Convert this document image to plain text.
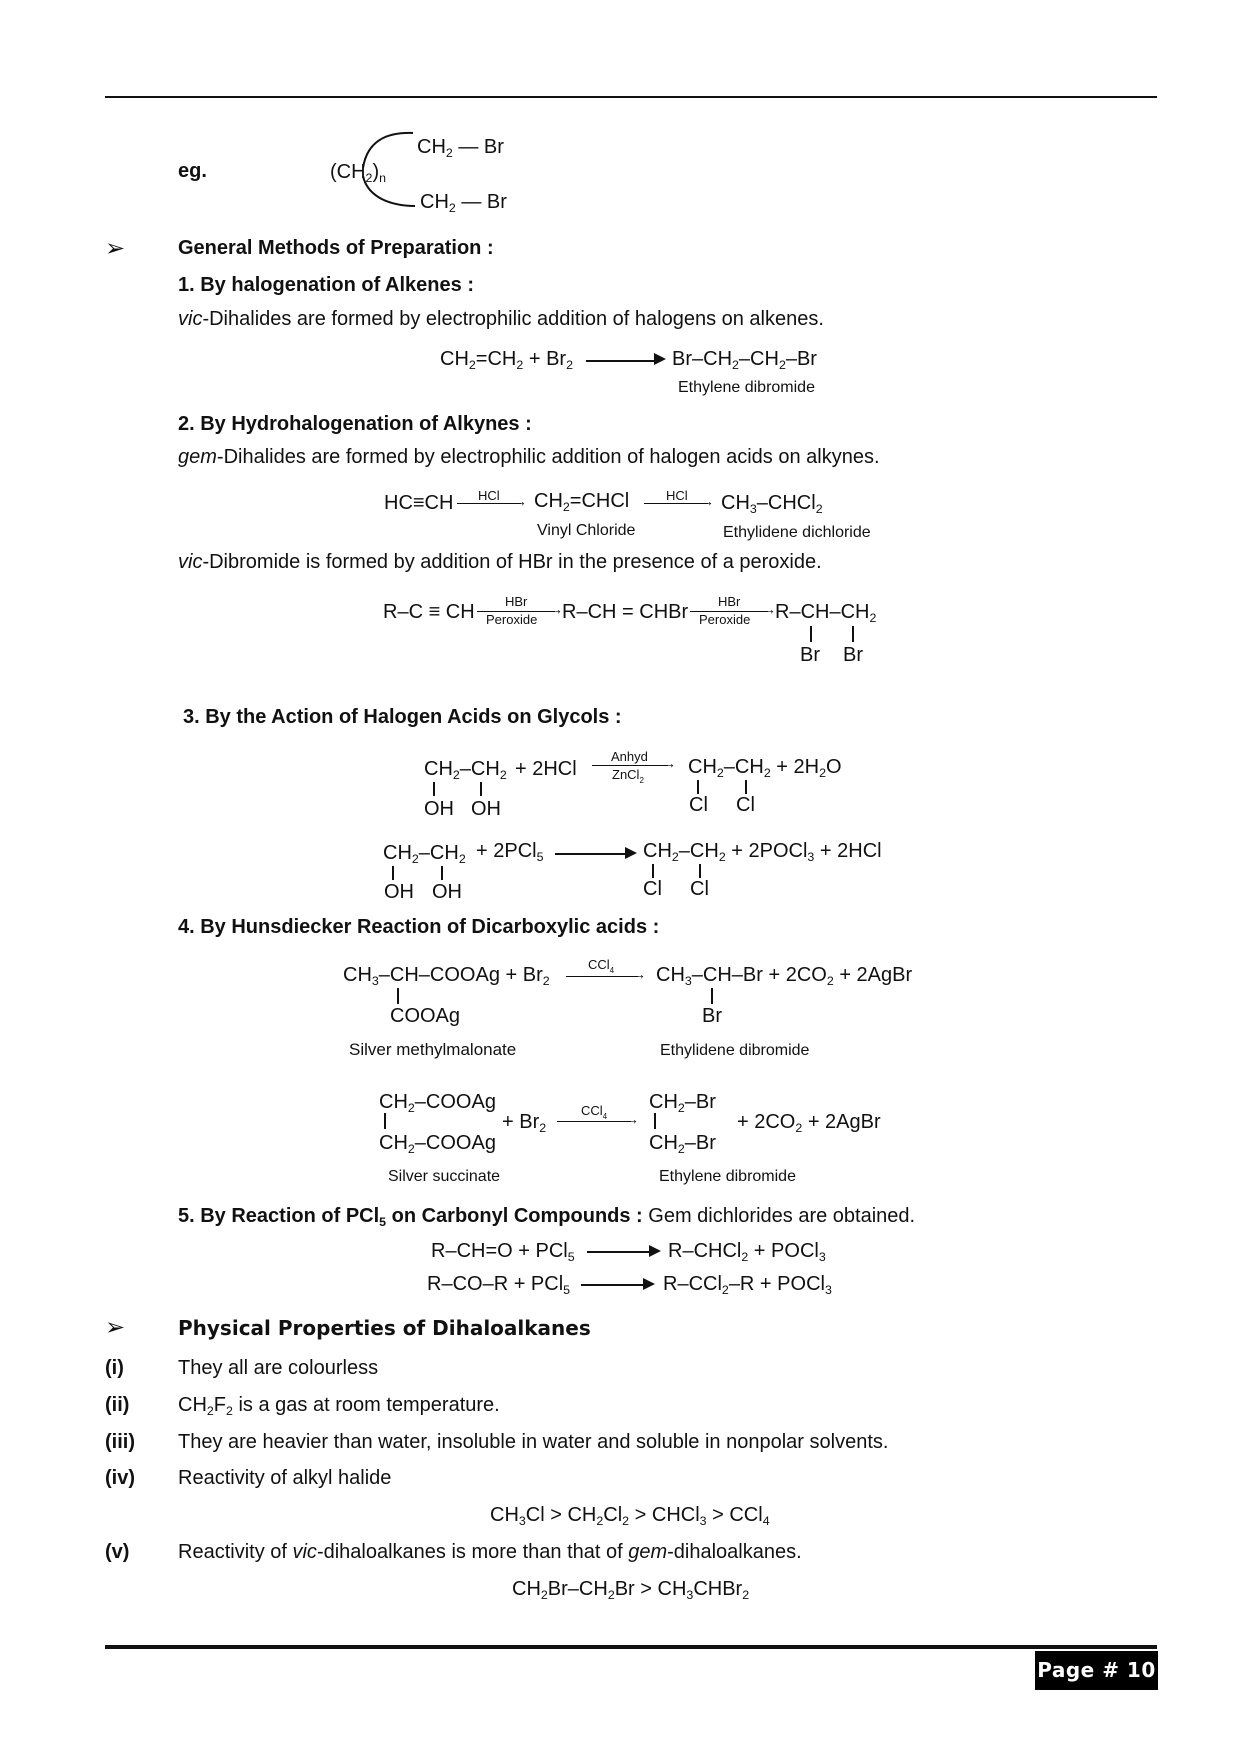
eg.	$(CH_2)_n$
$CH_2$ — Br
$CH_2$ — Br
➢	General Methods of Preparation :
1. By halogenation of Alkenes :
vic-Dihalides are formed by electrophilic addition of halogens on alkenes.
$CH_2=CH_2 + Br_2$	$Br-CH_2-CH_2-Br$
Ethylene dibromide
2. By Hydrohalogenation of Alkynes :
gem-Dihalides are formed by electrophilic addition of halogen acids on alkynes.
HC≡CH HCl → $CH_2=CHCl$	HCl → $CH_3-CHCl_2$
Vinyl Chloride	Ethylidene dichloride
vic-Dibromide is formed by addition of HBr in the presence of a peroxide.
R–C ≡ CH HBr →
Peroxide R–CH = CHBr HBr →
Peroxide $R-CH-CH_2$
Br Br
3. By the Action of Halogen Acids on Glycols :
$CH_2-CH_2$
OH OH
+ 2HCl
Anhyd →
ZnCl$_2$
$CH_2-CH_2 + 2H_2O$
Cl Cl
$CH_2-CH_2$
OH OH
+ 2PCl$_5$	$CH_2-CH_2$ + 2POCl$_3$ + 2HCl
Cl Cl
4. By Hunsdiecker Reaction of Dicarboxylic acids :
$CH_3-CH$–COOAg + $Br_2$
COOAg
$CCl_4 \to CH_3-CH-Br + 2CO_2$ + 2AgBr
Br
Silver methylmalonate	Ethylidene dibromide
$CH_2$–COOAg
$CH_2$–COOAg
+ $Br_2$
CCl$_4$ →
$CH_2-Br$
$CH_2-Br$
+ $2CO_2$ + 2AgBr
Silver succinate	Ethylene dibromide
5. By Reaction of PCl$_5$ on Carbonyl Compounds : Gem dichlorides are obtained.
R–CH=O + PCl$_5$	R–CHCl$_2$ + POCl$_3$
R–CO–R + PCl$_5$	R–CCl$_2$–R + POCl$_3$
➢	Physical Properties of Dihaloalkanes
(i)	They all are colourless
(ii) $CH_2F_2$ is a gas at room temperature.
(iii) They are heavier than water, insoluble in water and soluble in nonpolar solvents.
(iv) Reactivity of alkyl halide
$CH_3Cl > CH_2Cl_2$ > CHCl$_3$ > CCl$_4$
(v) Reactivity of vic-dihaloalkanes is more than that of gem-dihaloalkanes.
$CH_2Br-CH_2Br$ > $CH_3CHBr_2$
Page # 10
